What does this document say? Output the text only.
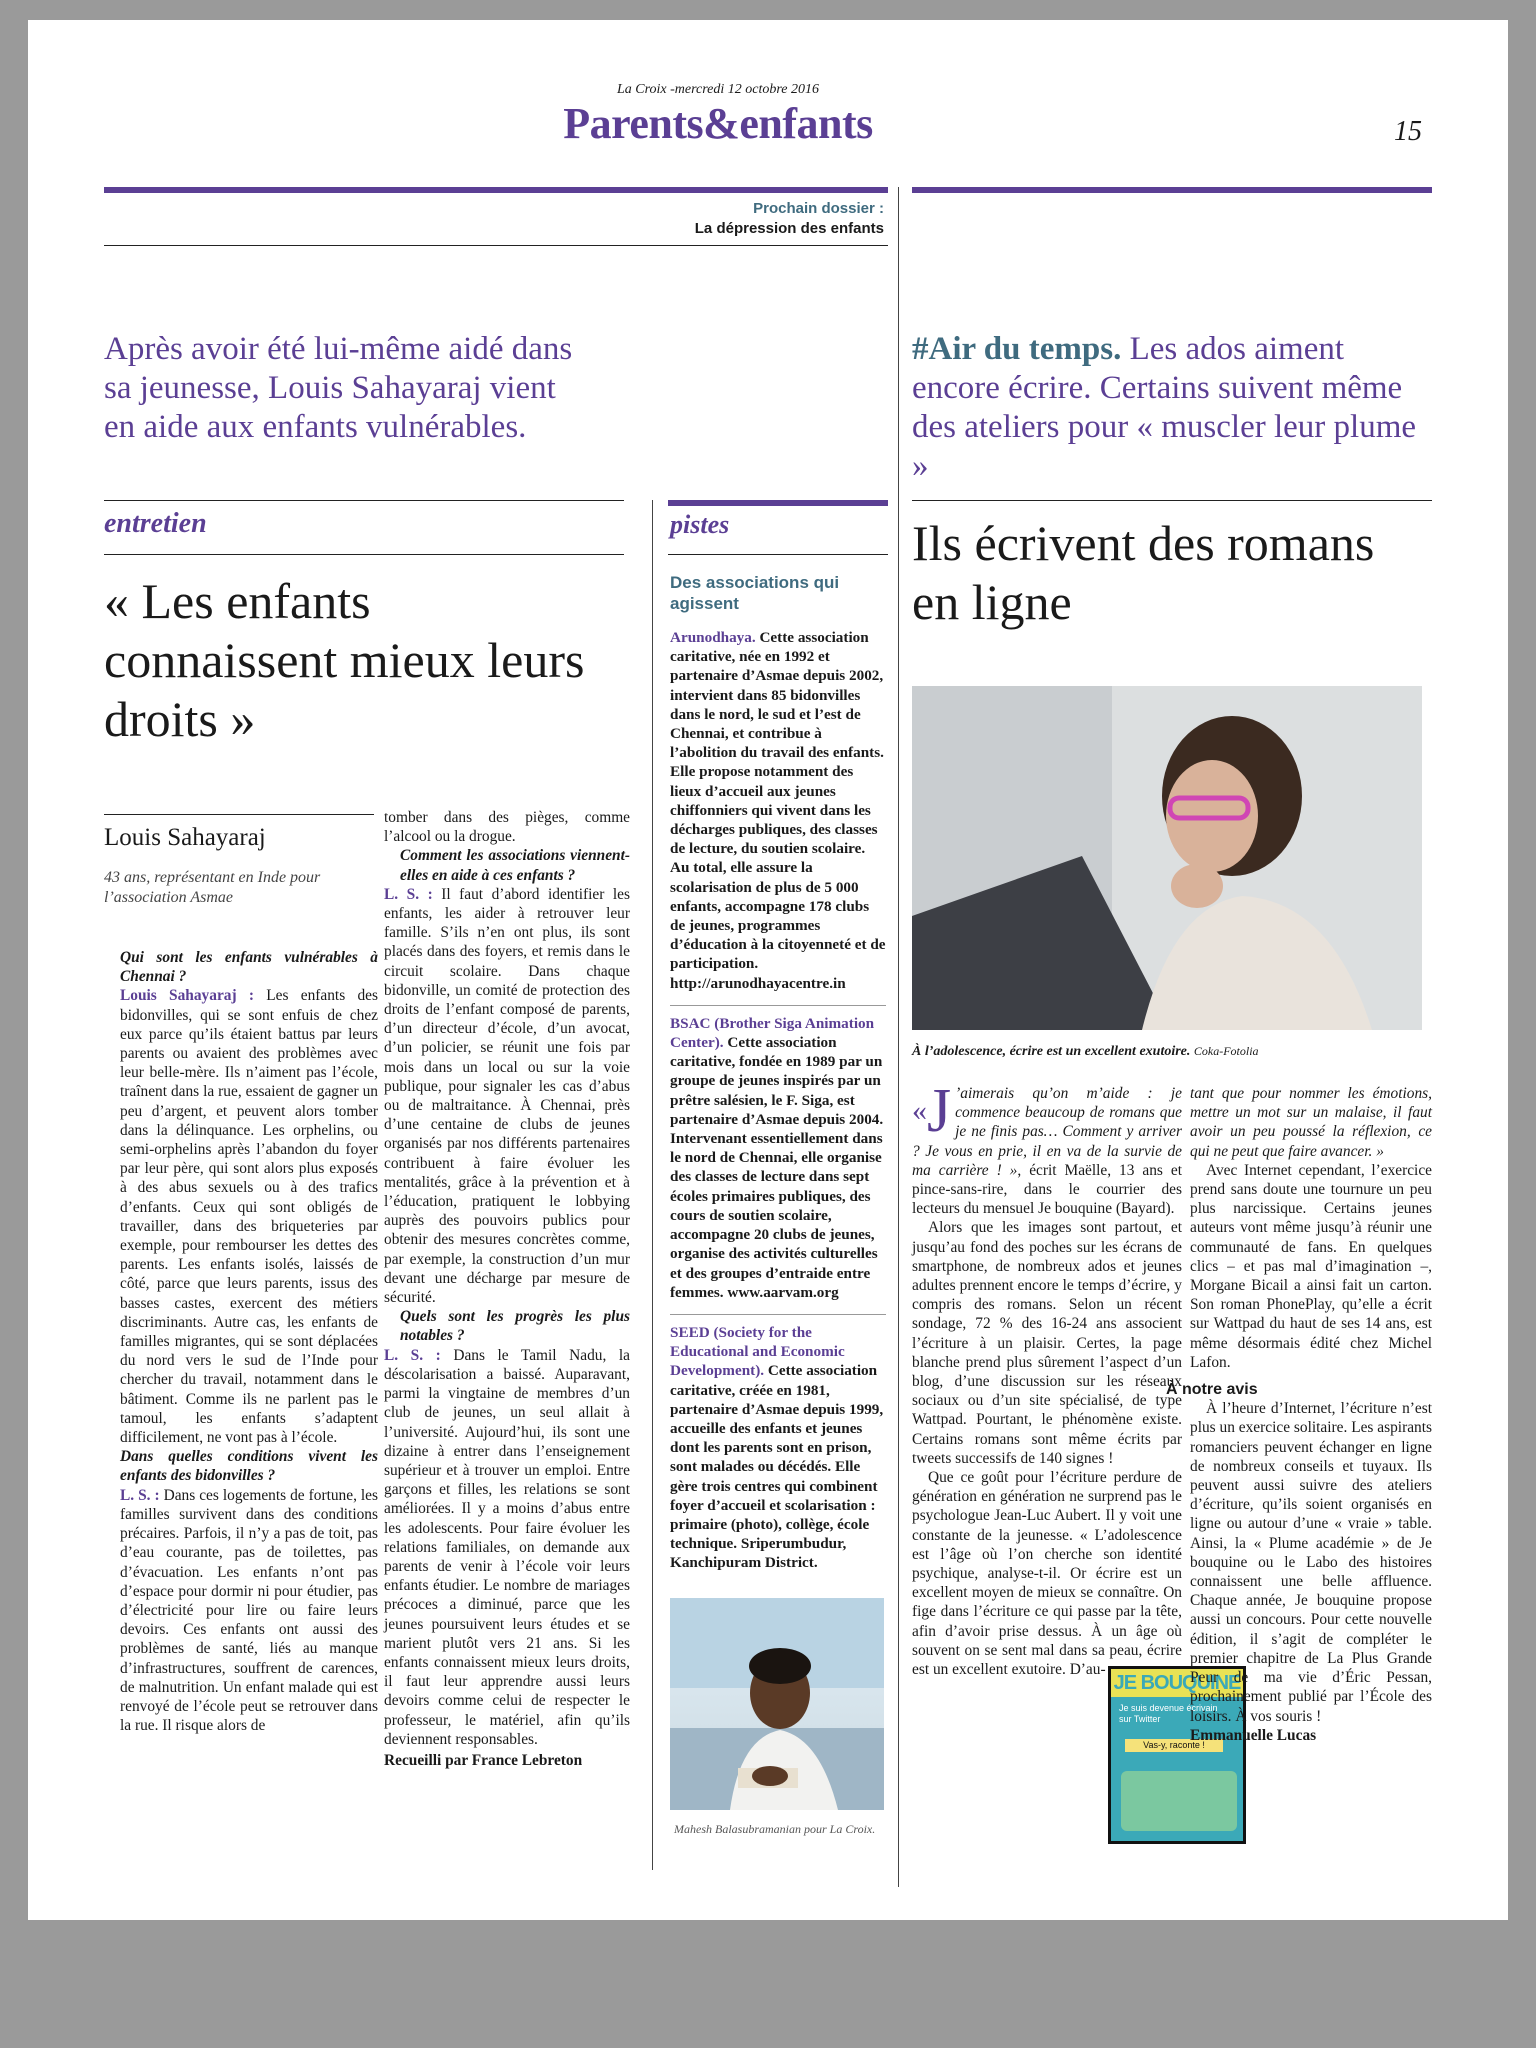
La Croix -mercredi 12 octobre 2016
Parents&enfants	15
Prochain dossier :
La dépression des enfants
Après avoir été lui-même aidé dans sa jeunesse, Louis Sahayaraj vient en aide aux enfants vulnérables.
entretien
« Les enfants connaissent mieux leurs droits »
Louis Sahayaraj
43 ans, représentant en Inde pour l’association Asmae

Qui sont les enfants vulnérables à Chennai ?

Louis Sahayaraj : Les enfants des bidonvilles, qui se sont enfuis de chez eux parce qu’ils étaient battus par leurs parents ou avaient des problèmes avec leur belle-mère. Ils n’aiment pas l’école, traînent dans la rue, essaient de gagner un peu d’argent, et peuvent alors tomber dans la délinquance. Les orphelins, ou semi-orphelins après l’abandon du foyer par leur père, qui sont alors plus exposés à des abus sexuels ou à des trafics d’enfants. Ceux qui sont obligés de travailler, dans des briqueteries par exemple, pour rembourser les dettes des parents. Les enfants isolés, laissés de côté, parce que leurs parents, issus des basses castes, exercent des métiers discriminants. Autre cas, les enfants de familles migrantes, qui se sont déplacées du nord vers le sud de l’Inde pour chercher du travail, notamment dans le bâtiment. Comme ils ne parlent pas le tamoul, les enfants s’adaptent difficilement, ne vont pas à l’école.

Dans quelles conditions vivent les enfants des bidonvilles ?

L. S. : Dans ces logements de fortune, les familles survivent dans des conditions précaires. Parfois, il n’y a pas de toit, pas d’eau courante, pas de toilettes, pas d’évacuation. Les enfants n’ont pas d’espace pour dormir ni pour étudier, pas d’électricité pour lire ou faire leurs devoirs. Ces enfants ont aussi des problèmes de santé, liés au manque d’infrastructures, souffrent de carences, de malnutrition. Un enfant malade qui est renvoyé de l’école peut se retrouver dans la rue. Il risque alors de

tomber dans des pièges, comme l’alcool ou la drogue.

Comment les associations viennent-elles en aide à ces enfants ?

L. S. : Il faut d’abord identifier les enfants, les aider à retrouver leur famille. S’ils n’en ont plus, ils sont placés dans des foyers, et remis dans le circuit scolaire. Dans chaque bidonville, un comité de protection des droits de l’enfant composé de parents, d’un directeur d’école, d’un avocat, d’un policier, se réunit une fois par mois dans un local ou sur la voie publique, pour signaler les cas d’abus ou de maltraitance. À Chennai, près d’une centaine de clubs de jeunes organisés par nos différents partenaires contribuent à faire évoluer les mentalités, grâce à la prévention et à l’éducation, pratiquent le lobbying auprès des pouvoirs publics pour obtenir des mesures concrètes comme, par exemple, la construction d’un mur devant une décharge par mesure de sécurité.

Quels sont les progrès les plus notables ?

L. S. : Dans le Tamil Nadu, la déscolarisation a baissé. Auparavant, parmi la vingtaine de membres d’un club de jeunes, un seul allait à l’université. Aujourd’hui, ils sont une dizaine à entrer dans l’enseignement supérieur et à trouver un emploi. Entre garçons et filles, les relations se sont améliorées. Il y a moins d’abus entre les adolescents. Pour faire évoluer les relations familiales, on demande aux parents de venir à l’école voir leurs enfants étudier. Le nombre de mariages précoces a diminué, parce que les jeunes poursuivent leurs études et se marient plutôt vers 21 ans. Si les enfants connaissent mieux leurs droits, il faut leur apprendre aussi leurs devoirs comme celui de respecter le professeur, le matériel, afin qu’ils deviennent responsables.

Recueilli par France Lebreton

pistes
Des associations qui agissent

Arunodhaya. Cette association caritative, née en 1992 et partenaire d’Asmae depuis 2002, intervient dans 85 bidonvilles dans le nord, le sud et l’est de Chennai, et contribue à l’abolition du travail des enfants. Elle propose notamment des lieux d’accueil aux jeunes chiffonniers qui vivent dans les décharges publiques, des classes de lecture, du soutien scolaire. Au total, elle assure la scolarisation de plus de 5 000 enfants, accompagne 178 clubs de jeunes, programmes d’éducation à la citoyenneté et de participation. http://arunodhayacentre.in

BSAC (Brother Siga Animation Center). Cette association caritative, fondée en 1989 par un groupe de jeunes inspirés par un prêtre salésien, le F. Siga, est partenaire d’Asmae depuis 2004. Intervenant essentiellement dans le nord de Chennai, elle organise des classes de lecture dans sept écoles primaires publiques, des cours de soutien scolaire, accompagne 20 clubs de jeunes, organise des activités culturelles et des groupes d’entraide entre femmes. www.aarvam.org

SEED (Society for the Educational and Economic Development). Cette association caritative, créée en 1981, partenaire d’Asmae depuis 1999, accueille des enfants et jeunes dont les parents sont en prison, sont malades ou décédés. Elle gère trois centres qui combinent foyer d’accueil et scolarisation : primaire (photo), collège, école technique. Sriperumbudur, Kanchipuram District.

Mahesh Balasubramanian pour La Croix.
#Air du temps. Les ados aiment encore écrire. Certains suivent même des ateliers pour « muscler leur plume »
Ils écrivent des romans en ligne
À l’adolescence, écrire est un excellent exutoire. Coka-Fotolia

«J ’aimerais qu’on m’aide : je commence beaucoup de romans que je ne finis pas… Comment y arriver ? Je vous en prie, il en va de la survie de ma carrière ! », écrit Maëlle, 13 ans et pince-sans-rire, dans le courrier des lecteurs du mensuel Je bouquine (Bayard).

Alors que les images sont partout, et jusqu’au fond des poches sur les écrans de smartphone, de nombreux ados et jeunes adultes prennent encore le temps d’écrire, y compris des romans. Selon un récent sondage, 72 % des 16-24 ans associent l’écriture à un plaisir. Certes, la page blanche prend plus sûrement l’aspect d’un blog, d’une discussion sur les réseaux sociaux ou d’un site spécialisé, de type Wattpad. Pourtant, le phénomène existe. Certains romans sont même écrits par tweets successifs de 140 signes !

Que ce goût pour l’écriture perdure de génération en génération ne surprend pas le psychologue Jean-Luc Aubert. Il y voit une constante de la jeunesse. « L’adolescence est l’âge où l’on cherche son identité psychique, analyse-t-il. Or écrire est un excellent moyen de mieux se connaître. On fige dans l’écriture ce qui passe par la tête, afin d’avoir prise dessus. À un âge où souvent on se sent mal dans sa peau, écrire est un excellent exutoire. D’au-

JE BOUQUINE
Je suis devenue écrivain
sur Twitter
Vas-y, raconte !

tant que pour nommer les émotions, mettre un mot sur un malaise, il faut avoir un peu poussé la réflexion, ce qui ne peut que faire avancer. »

Avec Internet cependant, l’exercice prend sans doute une tournure un peu plus narcissique. Certains jeunes auteurs vont même jusqu’à réunir une communauté de fans. En quelques clics – et pas mal d’imagination –, Morgane Bicail a ainsi fait un carton. Son roman PhonePlay, qu’elle a écrit sur Wattpad du haut de ses 14 ans, est même désormais édité chez Michel Lafon.

À notre avis

À l’heure d’Internet, l’écriture n’est plus un exercice solitaire. Les aspirants romanciers peuvent échanger en ligne de nombreux conseils et tuyaux. Ils peuvent aussi suivre des ateliers d’écriture, qu’ils soient organisés en ligne ou autour d’une « vraie » table. Ainsi, la « Plume académie » de Je bouquine ou le Labo des histoires connaissent une belle affluence. Chaque année, Je bouquine propose aussi un concours. Pour cette nouvelle édition, il s’agit de compléter le premier chapitre de La Plus Grande Peur de ma vie d’Éric Pessan, prochainement publié par l’École des loisirs. À vos souris !

Emmanuelle Lucas
